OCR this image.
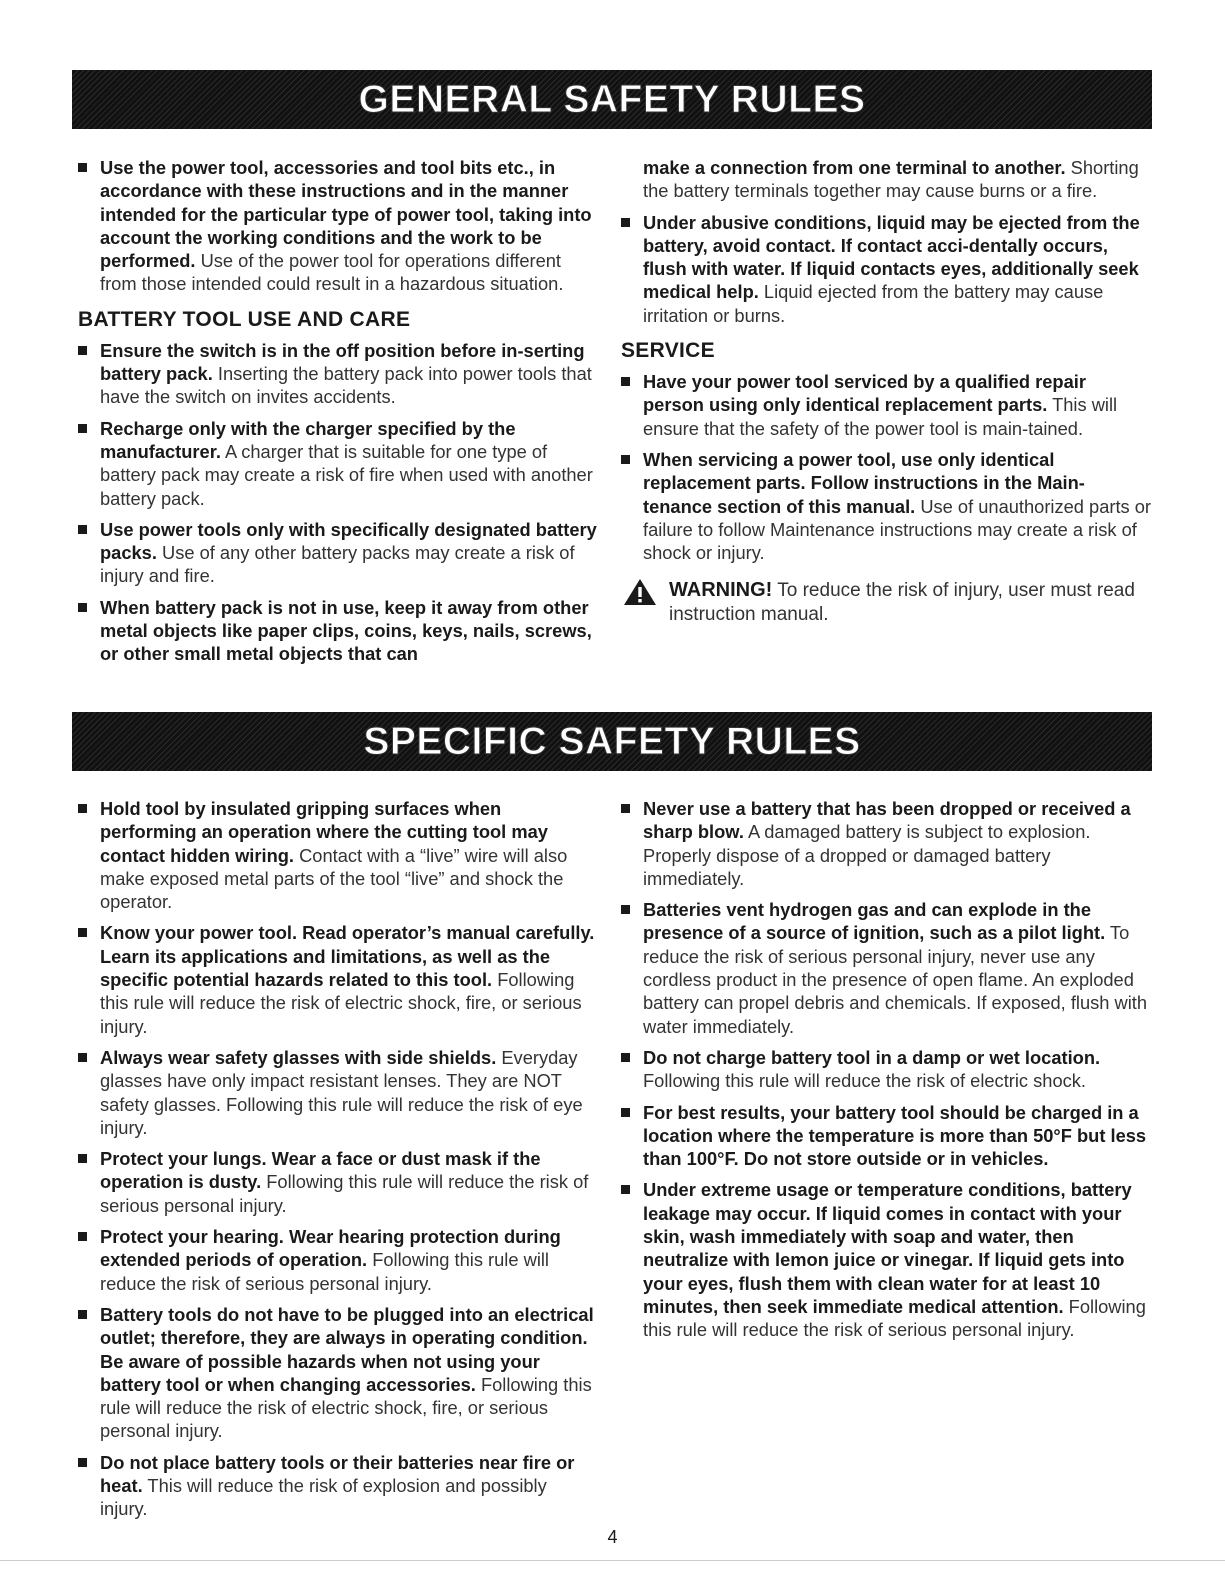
GENERAL SAFETY RULES
Use the power tool, accessories and tool bits etc., in accordance with these instructions and in the manner intended for the particular type of power tool, taking into account the working conditions and the work to be performed. Use of the power tool for operations different from those intended could result in a hazardous situation.
BATTERY TOOL USE AND CARE
Ensure the switch is in the off position before in-serting battery pack. Inserting the battery pack into power tools that have the switch on invites accidents.
Recharge only with the charger specified by the manufacturer. A charger that is suitable for one type of battery pack may create a risk of fire when used with another battery pack.
Use power tools only with specifically designated battery packs. Use of any other battery packs may create a risk of injury and fire.
When battery pack is not in use, keep it away from other metal objects like paper clips, coins, keys, nails, screws, or other small metal objects that can
make a connection from one terminal to another. Shorting the battery terminals together may cause burns or a fire.
Under abusive conditions, liquid may be ejected from the battery, avoid contact. If contact acci-dentally occurs, flush with water. If liquid contacts eyes, additionally seek medical help. Liquid ejected from the battery may cause irritation or burns.
SERVICE
Have your power tool serviced by a qualified repair person using only identical replacement parts. This will ensure that the safety of the power tool is main-tained.
When servicing a power tool, use only identical replacement parts. Follow instructions in the Main-tenance section of this manual. Use of unauthorized parts or failure to follow Maintenance instructions may create a risk of shock or injury.
WARNING! To reduce the risk of injury, user must read instruction manual.
SPECIFIC SAFETY RULES
Hold tool by insulated gripping surfaces when performing an operation where the cutting tool may contact hidden wiring. Contact with a “live” wire will also make exposed metal parts of the tool “live” and shock the operator.
Know your power tool. Read operator’s manual carefully. Learn its applications and limitations, as well as the specific potential hazards related to this tool. Following this rule will reduce the risk of electric shock, fire, or serious injury.
Always wear safety glasses with side shields. Everyday glasses have only impact resistant lenses. They are NOT safety glasses. Following this rule will reduce the risk of eye injury.
Protect your lungs. Wear a face or dust mask if the operation is dusty. Following this rule will reduce the risk of serious personal injury.
Protect your hearing. Wear hearing protection during extended periods of operation. Following this rule will reduce the risk of serious personal injury.
Battery tools do not have to be plugged into an electrical outlet; therefore, they are always in operating condition. Be aware of possible hazards when not using your battery tool or when changing accessories. Following this rule will reduce the risk of electric shock, fire, or serious personal injury.
Do not place battery tools or their batteries near fire or heat. This will reduce the risk of explosion and possibly injury.
Never use a battery that has been dropped or received a sharp blow. A damaged battery is subject to explosion. Properly dispose of a dropped or damaged battery immediately.
Batteries vent hydrogen gas and can explode in the presence of a source of ignition, such as a pilot light. To reduce the risk of serious personal injury, never use any cordless product in the presence of open flame. An exploded battery can propel debris and chemicals. If exposed, flush with water immediately.
Do not charge battery tool in a damp or wet location. Following this rule will reduce the risk of electric shock.
For best results, your battery tool should be charged in a location where the temperature is more than 50°F but less than 100°F. Do not store outside or in vehicles.
Under extreme usage or temperature conditions, battery leakage may occur. If liquid comes in contact with your skin, wash immediately with soap and water, then neutralize with lemon juice or vinegar. If liquid gets into your eyes, flush them with clean water for at least 10 minutes, then seek immediate medical attention. Following this rule will reduce the risk of serious personal injury.
4
